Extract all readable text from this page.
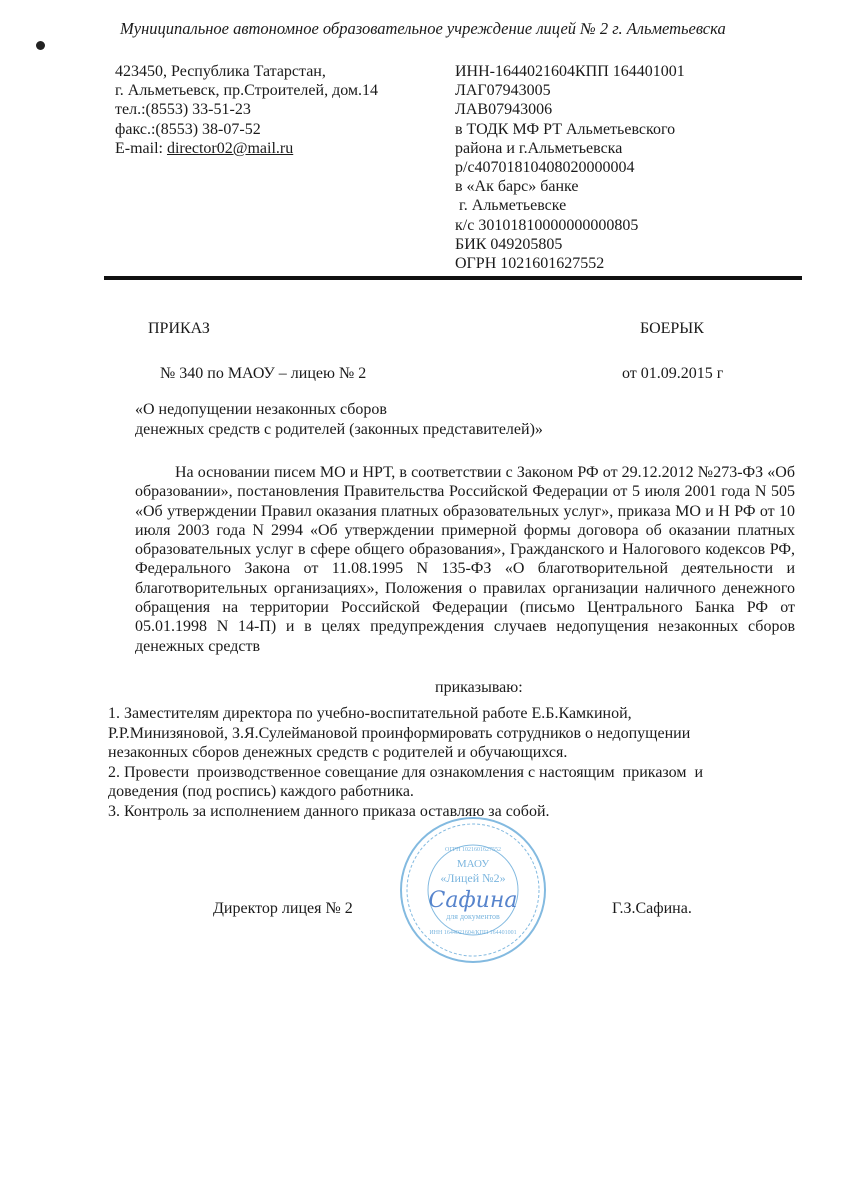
Муниципальное автономное образовательное учреждение лицей № 2 г. Альметьевска
423450, Республика Татарстан,
г. Альметьевск, пр.Строителей, дом.14
тел.:(8553) 33-51-23
факс.:(8553) 38-07-52
E-mail: director02@mail.ru
ИНН-1644021604КПП 164401001
ЛАГ07943005
ЛАВ07943006
в ТОДК МФ РТ Альметьевского
района и г.Альметьевска
р/с40701810408020000004
в «Ак барс» банке
г. Альметьевске
к/с 30101810000000000805
БИК 049205805
ОГРН 1021601627552
ПРИКАЗ	БОЕРЫК
№ 340 по МАОУ – лицею № 2	от 01.09.2015 г
«О недопущении незаконных сборов
денежных средств с родителей (законных представителей)»

На основании писем МО и НРТ, в соответствии с Законом РФ от 29.12.2012 №273-ФЗ «Об образовании», постановления Правительства Российской Федерации от 5 июля 2001 года N 505 «Об утверждении Правил оказания платных образовательных услуг», приказа МО и Н РФ от 10 июля 2003 года N 2994 «Об утверждении примерной формы договора об оказании платных образовательных услуг в сфере общего образования», Гражданского и Налогового кодексов РФ, Федерального Закона от 11.08.1995 N 135-ФЗ «О благотворительной деятельности и благотворительных организациях», Положения о правилах организации наличного денежного обращения на территории Российской Федерации (письмо Центрального Банка РФ от 05.01.1998 N 14-П) и в целях предупреждения случаев недопущения незаконных сборов денежных средств

приказываю:
1. Заместителям директора по учебно-воспитательной работе Е.Б.Камкиной,
Р.Р.Минизяновой, З.Я.Сулеймановой проинформировать сотрудников о недопущении
незаконных сборов денежных средств с родителей и обучающихся.
2. Провести  производственное совещание для ознакомления с настоящим  приказом  и
доведения (под роспись) каждого работника.
3. Контроль за исполнением данного приказа оставляю за собой.
Директор лицея № 2	Г.З.Сафина.
МАОУ
«Лицей №2»
для документов
ОГРН 1021601627552
ИНН 1644021604/КПП 164401001
Сафина
